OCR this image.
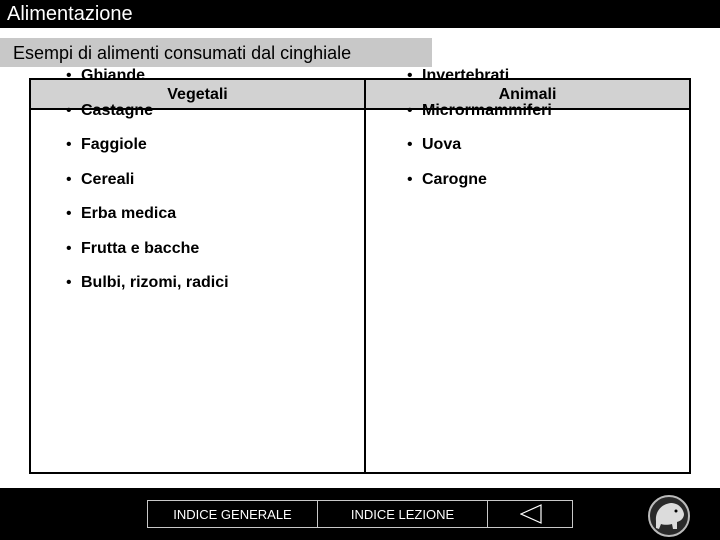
Alimentazione
Esempi di alimenti consumati dal cinghiale
Vegetali	Animali
• Ghiande
• Castagne
• Faggiole
• Cereali
• Erba medica
• Frutta e bacche
• Bulbi, rizomi, radici
• Invertebrati
• Micrormammiferi
• Uova
• Carogne
INDICE GENERALE	INDICE LEZIONE
